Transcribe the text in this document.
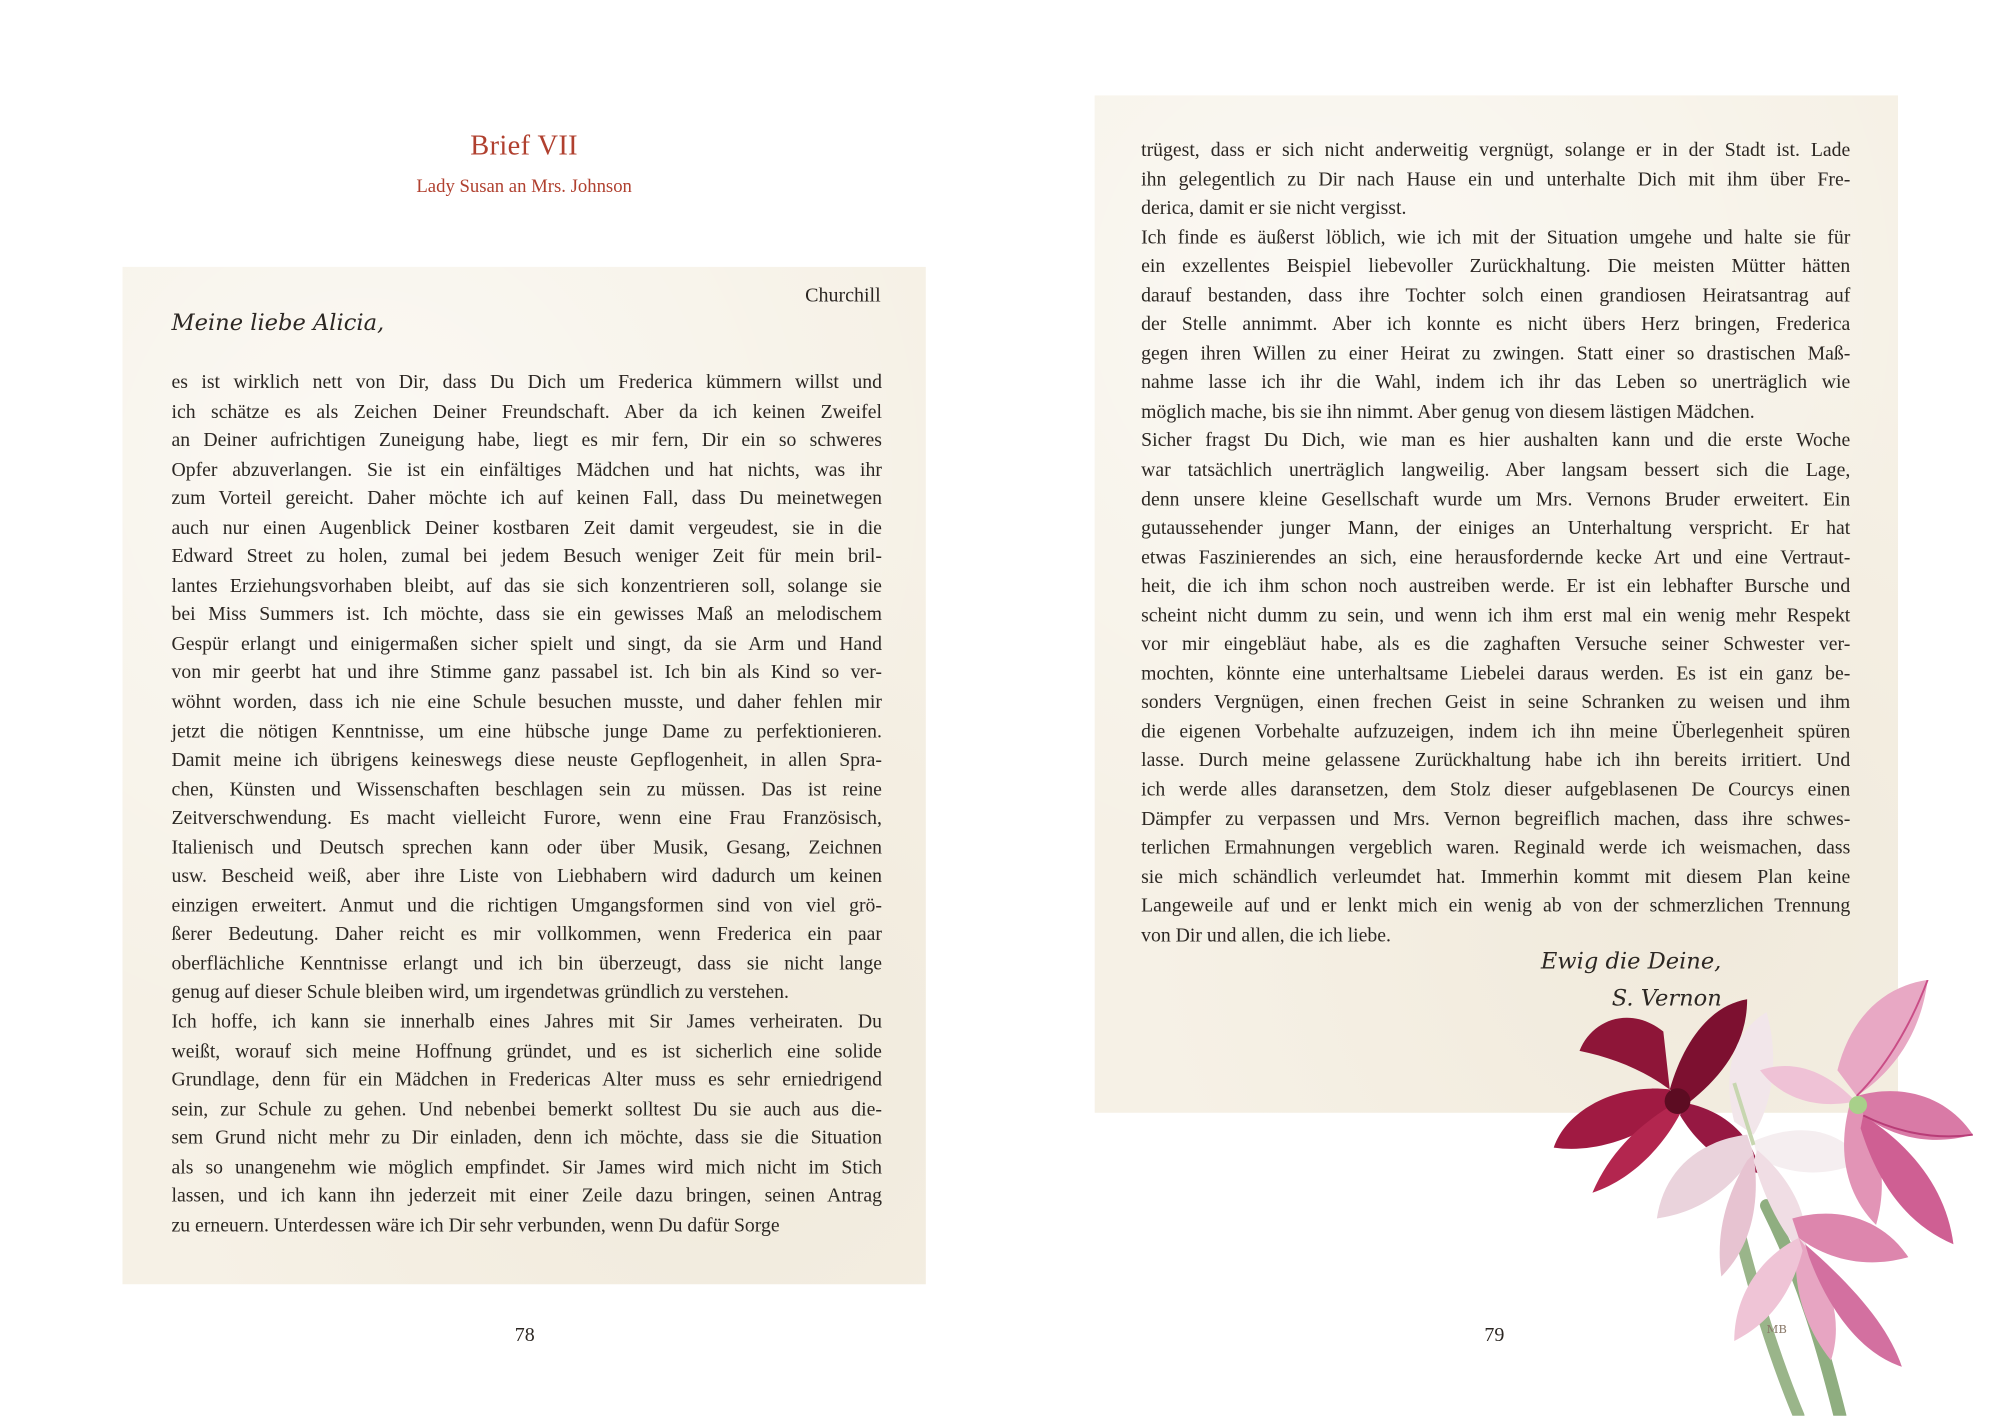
Brief VII
Lady Susan an Mrs. Johnson
Churchill
Meine liebe Alicia,
es ist wirklich nett von Dir, dass Du Dich um Frederica kümmern willst und
ich schätze es als Zeichen Deiner Freundschaft. Aber da ich keinen Zweifel
an Deiner aufrichtigen Zuneigung habe, liegt es mir fern, Dir ein so schweres
Opfer abzuverlangen. Sie ist ein einfältiges Mädchen und hat nichts, was ihr
zum Vorteil gereicht. Daher möchte ich auf keinen Fall, dass Du meinetwegen
auch nur einen Augenblick Deiner kostbaren Zeit damit vergeudest, sie in die
Edward Street zu holen, zumal bei jedem Besuch weniger Zeit für mein bril-
lantes Erziehungsvorhaben bleibt, auf das sie sich konzentrieren soll, solange sie
bei Miss Summers ist. Ich möchte, dass sie ein gewisses Maß an melodischem
Gespür erlangt und einigermaßen sicher spielt und singt, da sie Arm und Hand
von mir geerbt hat und ihre Stimme ganz passabel ist. Ich bin als Kind so ver-
wöhnt worden, dass ich nie eine Schule besuchen musste, und daher fehlen mir
jetzt die nötigen Kenntnisse, um eine hübsche junge Dame zu perfektionieren.
Damit meine ich übrigens keineswegs diese neuste Gepflogenheit, in allen Spra-
chen, Künsten und Wissenschaften beschlagen sein zu müssen. Das ist reine
Zeitverschwendung. Es macht vielleicht Furore, wenn eine Frau Französisch,
Italienisch und Deutsch sprechen kann oder über Musik, Gesang, Zeichnen
usw. Bescheid weiß, aber ihre Liste von Liebhabern wird dadurch um keinen
einzigen erweitert. Anmut und die richtigen Umgangsformen sind von viel grö-
ßerer Bedeutung. Daher reicht es mir vollkommen, wenn Frederica ein paar
oberflächliche Kenntnisse erlangt und ich bin überzeugt, dass sie nicht lange
genug auf dieser Schule bleiben wird, um irgendetwas gründlich zu verstehen.
Ich hoffe, ich kann sie innerhalb eines Jahres mit Sir James verheiraten. Du
weißt, worauf sich meine Hoffnung gründet, und es ist sicherlich eine solide
Grundlage, denn für ein Mädchen in Fredericas Alter muss es sehr erniedrigend
sein, zur Schule zu gehen. Und nebenbei bemerkt solltest Du sie auch aus die-
sem Grund nicht mehr zu Dir einladen, denn ich möchte, dass sie die Situation
als so unangenehm wie möglich empfindet. Sir James wird mich nicht im Stich
lassen, und ich kann ihn jederzeit mit einer Zeile dazu bringen, seinen Antrag
zu erneuern. Unterdessen wäre ich Dir sehr verbunden, wenn Du dafür Sorge
78
trügest, dass er sich nicht anderweitig vergnügt, solange er in der Stadt ist. Lade
ihn gelegentlich zu Dir nach Hause ein und unterhalte Dich mit ihm über Fre-
derica, damit er sie nicht vergisst.
Ich finde es äußerst löblich, wie ich mit der Situation umgehe und halte sie für
ein exzellentes Beispiel liebevoller Zurückhaltung. Die meisten Mütter hätten
darauf bestanden, dass ihre Tochter solch einen grandiosen Heiratsantrag auf
der Stelle annimmt. Aber ich konnte es nicht übers Herz bringen, Frederica
gegen ihren Willen zu einer Heirat zu zwingen. Statt einer so drastischen Maß-
nahme lasse ich ihr die Wahl, indem ich ihr das Leben so unerträglich wie
möglich mache, bis sie ihn nimmt. Aber genug von diesem lästigen Mädchen.
Sicher fragst Du Dich, wie man es hier aushalten kann und die erste Woche
war tatsächlich unerträglich langweilig. Aber langsam bessert sich die Lage,
denn unsere kleine Gesellschaft wurde um Mrs. Vernons Bruder erweitert. Ein
gutaussehender junger Mann, der einiges an Unterhaltung verspricht. Er hat
etwas Faszinierendes an sich, eine herausfordernde kecke Art und eine Vertraut-
heit, die ich ihm schon noch austreiben werde. Er ist ein lebhafter Bursche und
scheint nicht dumm zu sein, und wenn ich ihm erst mal ein wenig mehr Respekt
vor mir eingebläut habe, als es die zaghaften Versuche seiner Schwester ver-
mochten, könnte eine unterhaltsame Liebelei daraus werden. Es ist ein ganz be-
sonders Vergnügen, einen frechen Geist in seine Schranken zu weisen und ihm
die eigenen Vorbehalte aufzuzeigen, indem ich ihn meine Überlegenheit spüren
lasse. Durch meine gelassene Zurückhaltung habe ich ihn bereits irritiert. Und
ich werde alles daransetzen, dem Stolz dieser aufgeblasenen De Courcys einen
Dämpfer zu verpassen und Mrs. Vernon begreiflich machen, dass ihre schwes-
terlichen Ermahnungen vergeblich waren. Reginald werde ich weismachen, dass
sie mich schändlich verleumdet hat. Immerhin kommt mit diesem Plan keine
Langeweile auf und er lenkt mich ein wenig ab von der schmerzlichen Trennung
von Dir und allen, die ich liebe.
Ewig die Deine,
S. Vernon
MB
79
